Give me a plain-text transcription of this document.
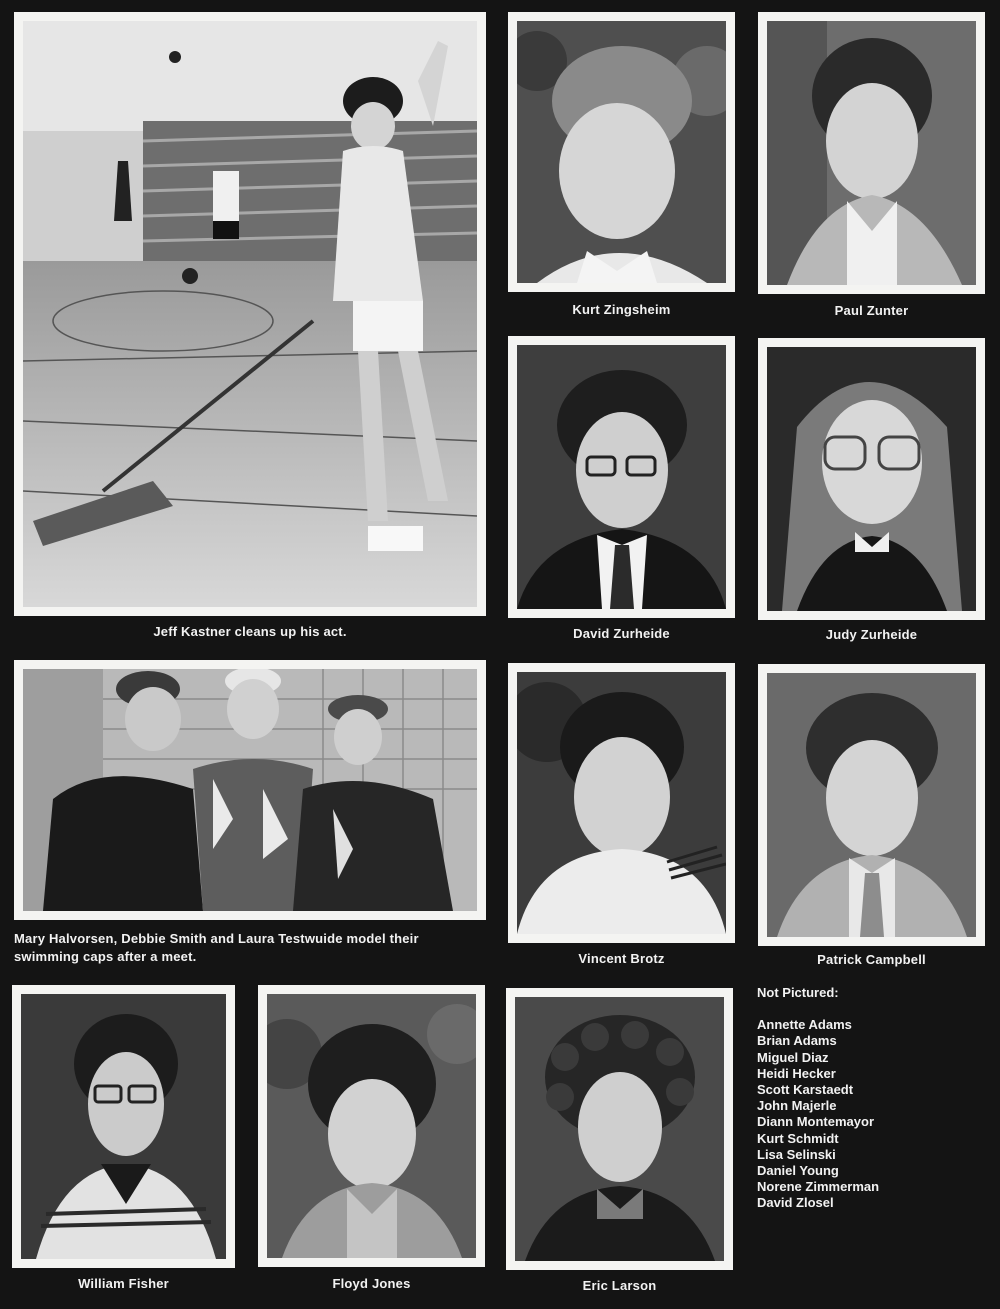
Jeff Kastner cleans up his act.
Mary Halvorsen, Debbie Smith and Laura Testwuide model their swimming caps after a meet.
Kurt Zingsheim	Paul Zunter
David Zurheide	Judy Zurheide
Vincent Brotz	Patrick Campbell
William Fisher	Floyd Jones	Eric Larson
Not Pictured:
Annette Adams
Brian Adams
Miguel Diaz
Heidi Hecker
Scott Karstaedt
John Majerle
Diann Montemayor
Kurt Schmidt
Lisa Selinski
Daniel Young
Norene Zimmerman
David Zlosel
